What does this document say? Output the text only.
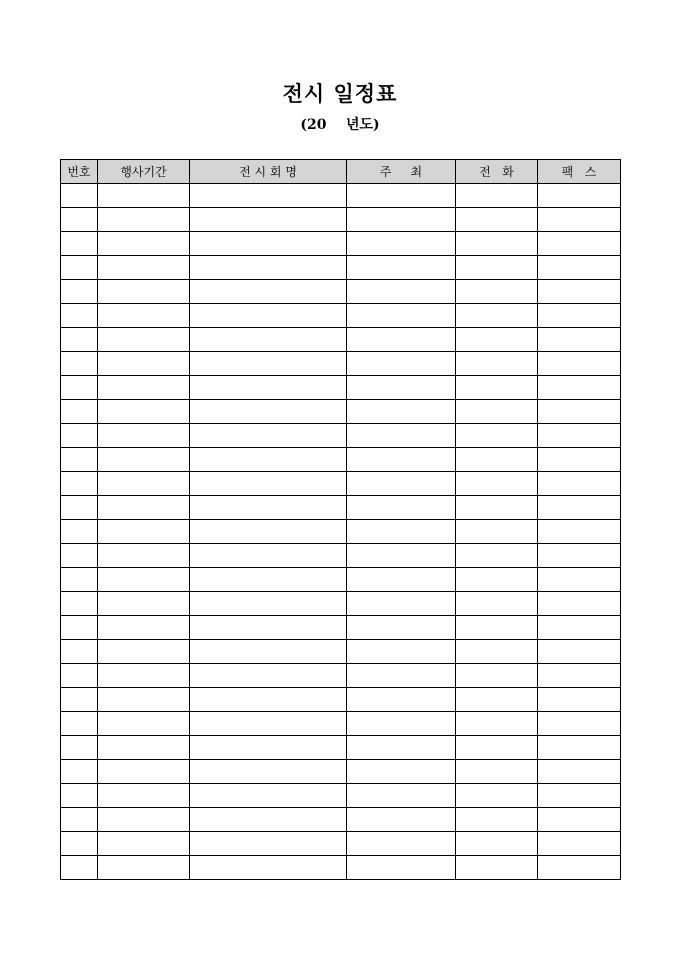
전시 일정표
(20    년도)
번호	행사기간	전 시 회 명	주     최	전   화	팩   스
